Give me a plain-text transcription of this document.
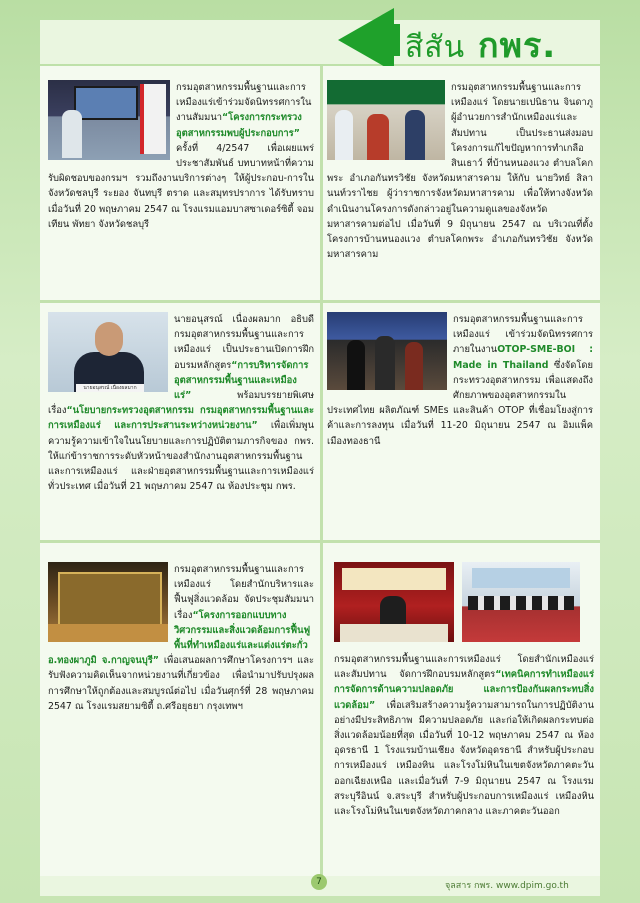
สีสัน กพร.
กรมอุตสาหกรรมพื้นฐานและการเหมืองแร่เข้าร่วมจัดนิทรรศการในงานสัมมนา“โครงการกระทรวงอุตสาหกรรมพบผู้ประกอบการ” ครั้งที่ 4/2547 เพื่อเผยแพร่ประชาสัมพันธ์ บทบาทหน้าที่ความรับผิดชอบของกรมฯ รวมถึงงานบริการต่างๆ ให้ผู้ประกอบ-การในจังหวัดชลบุรี ระยอง จันทบุรี ตราด และสมุทรปราการ ได้รับทราบ เมื่อวันที่ 20 พฤษภาคม 2547 ณ โรงแรมแอมบาสซาเดอร์ซิตี้ จอมเทียน พัทยา จังหวัดชลบุรี
กรมอุตสาหกรรมพื้นฐานและการเหมืองแร่ โดยนายเปนิธาน จินดาภู ผู้อำนวยการสำนักเหมืองแร่และสัมปทาน เป็นประธานส่งมอบโครงการแก้ไขปัญหาการทำเกลือสินเธาว์ ที่บ้านหนองแวง ตำบลโคกพระ อำเภอกันทรวิชัย จังหวัดมหาสารคาม ให้กับ นายวิทย์ สิลานนท์วราไชย ผู้ว่าราชการจังหวัดมหาสารคาม เพื่อให้ทางจังหวัดดำเนินงานโครงการดังกล่าวอยู่ในความดูแลของจังหวัดมหาสารคามต่อไป เมื่อวันที่ 9 มิถุนายน 2547 ณ บริเวณที่ตั้งโครงการบ้านหนองแวง ตำบลโคกพระ อำเภอกันทรวิชัย จังหวัดมหาสารคาม
นายอนุสรณ์ เนื่องผลมาก
นายอนุสรณ์ เนื่องผลมาก อธิบดีกรมอุตสาหกรรมพื้นฐานและการเหมืองแร่ เป็นประธานเปิดการฝึกอบรมหลักสูตร“การบริหารจัดการอุตสาหกรรมพื้นฐานและเหมืองแร่” พร้อมบรรยายพิเศษเรื่อง“นโยบายกระทรวงอุตสาหกรรม กรมอุตสาหกรรมพื้นฐานและการเหมืองแร่ และการประสานระหว่างหน่วยงาน” เพื่อเพิ่มพูนความรู้ความเข้าใจในนโยบายและการปฏิบัติตามภารกิจของ กพร. ให้แก่ข้าราชการระดับหัวหน้าของสำนักงานอุตสาหกรรมพื้นฐานและการเหมืองแร่ และฝ่ายอุตสาหกรรมพื้นฐานและการเหมืองแร่ทั่วประเทศ เมื่อวันที่ 21 พฤษภาคม 2547 ณ ห้องประชุม กพร.
กรมอุตสาหกรรมพื้นฐานและการเหมืองแร่ เข้าร่วมจัดนิทรรศการภายในงานOTOP-SME-BOI : Made in Thailand ซึ่งจัดโดยกระทรวงอุตสาหกรรม เพื่อแสดงถึงศักยภาพของอุตสาหกรรมในประเทศไทย ผลิตภัณฑ์ SMEs และสินค้า OTOP ที่เชื่อมโยงสู่การค้าและการลงทุน เมื่อวันที่ 11-20 มิถุนายน 2547 ณ อิมแพ็คเมืองทองธานี
กรมอุตสาหกรรมพื้นฐานและการเหมืองแร่ โดยสำนักบริหารและฟื้นฟูสิ่งแวดล้อม จัดประชุมสัมมนาเรื่อง“โครงการออกแบบทางวิศวกรรมและสิ่งแวดล้อมการฟื้นฟูพื้นที่ทำเหมืองแร่และแต่งแร่ตะกั่ว อ.ทองผาภูมิ จ.กาญจนบุรี” เพื่อเสนอผลการศึกษาโครงการฯ และรับฟังความคิดเห็นจากหน่วยงานที่เกี่ยวข้อง เพื่อนำมาปรับปรุงผลการศึกษาให้ถูกต้องและสมบูรณ์ต่อไป เมื่อวันศุกร์ที่ 28 พฤษภาคม 2547 ณ โรงแรมสยามซิตี้ ถ.ศรีอยุธยา กรุงเทพฯ
กรมอุตสาหกรรมพื้นฐานและการเหมืองแร่ โดยสำนักเหมืองแร่และสัมปทาน จัดการฝึกอบรมหลักสูตร“เทคนิคการทำเหมืองแร่ การจัดการด้านความปลอดภัย และการป้องกันผลกระทบสิ่งแวดล้อม” เพื่อเสริมสร้างความรู้ความสามารถในการปฏิบัติงานอย่างมีประสิทธิภาพ มีความปลอดภัย และก่อให้เกิดผลกระทบต่อสิ่งแวดล้อมน้อยที่สุด เมื่อวันที่ 10-12 พฤษภาคม 2547 ณ ห้องอุดรธานี 1 โรงแรมบ้านเชียง จังหวัดอุดรธานี สำหรับผู้ประกอบการเหมืองแร่ เหมืองหิน และโรงโม่หินในเขตจังหวัดภาคตะวันออกเฉียงเหนือ และเมื่อวันที่ 7-9 มิถุนายน 2547 ณ โรงแรมสระบุรีอินน์ จ.สระบุรี สำหรับผู้ประกอบการเหมืองแร่ เหมืองหิน และโรงโม่หินในเขตจังหวัดภาคกลาง และภาคตะวันออก
7	จุลสาร กพร. www.dpim.go.th
